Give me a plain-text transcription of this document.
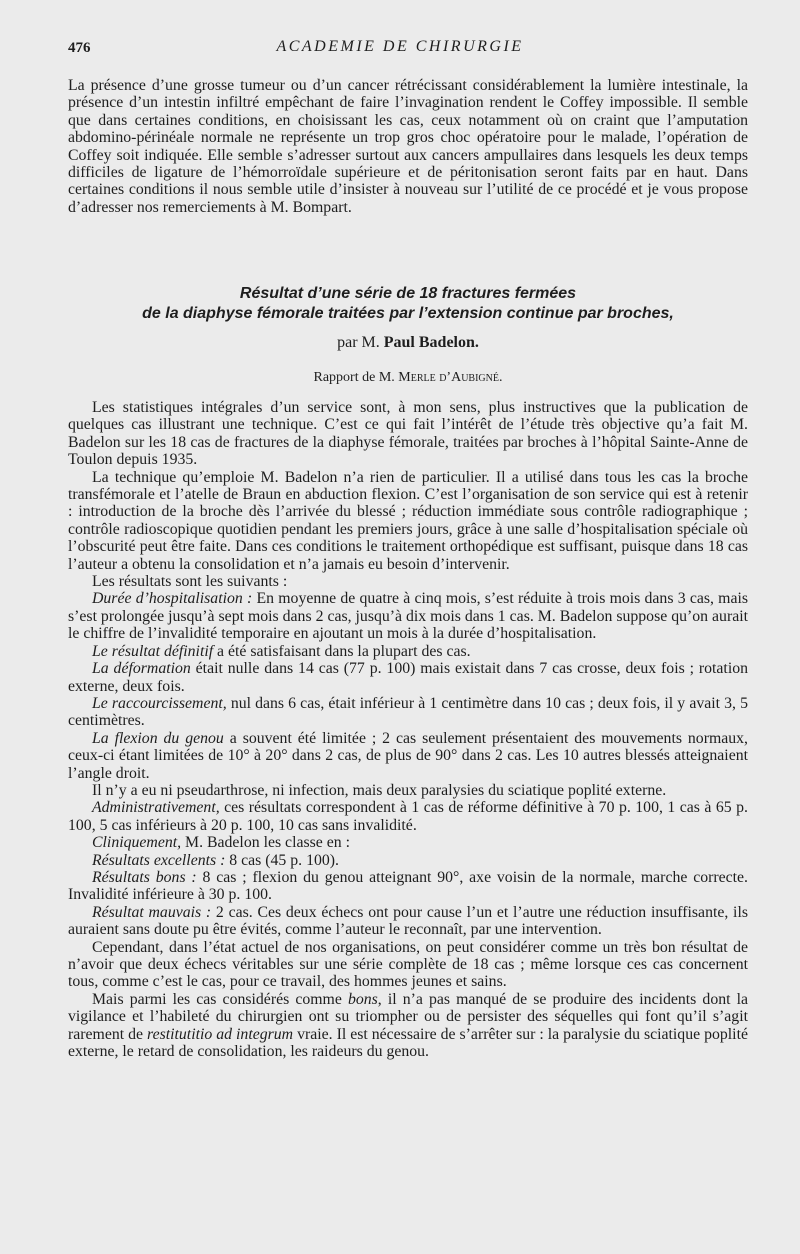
476	ACADEMIE DE CHIRURGIE

La présence d’une grosse tumeur ou d’un cancer rétrécissant considérablement la lumière intestinale, la présence d’un intestin infiltré empêchant de faire l’invagination rendent le Coffey impossible. Il semble que dans certaines conditions, en choisissant les cas, ceux notamment où on craint que l’amputation abdomino-périnéale normale ne représente un trop gros choc opératoire pour le malade, l’opération de Coffey soit indiquée. Elle semble s’adresser surtout aux cancers ampullaires dans lesquels les deux temps difficiles de ligature de l’hémorroïdale supérieure et de péritonisation seront faits par en haut. Dans certaines conditions il nous semble utile d’insister à nouveau sur l’utilité de ce procédé et je vous propose d’adresser nos remerciements à M. Bompart.

Résultat d’une série de 18 fractures fermées
de la diaphyse fémorale traitées par l’extension continue par broches,

par M. Paul Badelon.

Rapport de M. Merle d’Aubigné.

Les statistiques intégrales d’un service sont, à mon sens, plus instructives que la publication de quelques cas illustrant une technique. C’est ce qui fait l’intérêt de l’étude très objective qu’a fait M. Badelon sur les 18 cas de fractures de la diaphyse fémorale, traitées par broches à l’hôpital Sainte-Anne de Toulon depuis 1935.

La technique qu’emploie M. Badelon n’a rien de particulier. Il a utilisé dans tous les cas la broche transfémorale et l’atelle de Braun en abduction flexion. C’est l’organisation de son service qui est à retenir : introduction de la broche dès l’arrivée du blessé ; réduction immédiate sous contrôle radiographique ; contrôle radioscopique quotidien pendant les premiers jours, grâce à une salle d’hospitalisation spéciale où l’obscurité peut être faite. Dans ces conditions le traitement orthopédique est suffisant, puisque dans 18 cas l’auteur a obtenu la consolidation et n’a jamais eu besoin d’intervenir.

Les résultats sont les suivants :

Durée d’hospitalisation : En moyenne de quatre à cinq mois, s’est réduite à trois mois dans 3 cas, mais s’est prolongée jusqu’à sept mois dans 2 cas, jusqu’à dix mois dans 1 cas. M. Badelon suppose qu’on aurait le chiffre de l’invalidité temporaire en ajoutant un mois à la durée d’hospitalisation.

Le résultat définitif a été satisfaisant dans la plupart des cas.

La déformation était nulle dans 14 cas (77 p. 100) mais existait dans 7 cas crosse, deux fois ; rotation externe, deux fois.

Le raccourcissement, nul dans 6 cas, était inférieur à 1 centimètre dans 10 cas ; deux fois, il y avait 3, 5 centimètres.

La flexion du genou a souvent été limitée ; 2 cas seulement présentaient des mouvements normaux, ceux-ci étant limitées de 10° à 20° dans 2 cas, de plus de 90° dans 2 cas. Les 10 autres blessés atteignaient l’angle droit.

Il n’y a eu ni pseudarthrose, ni infection, mais deux paralysies du sciatique poplité externe.

Administrativement, ces résultats correspondent à 1 cas de réforme définitive à 70 p. 100, 1 cas à 65 p. 100, 5 cas inférieurs à 20 p. 100, 10 cas sans invalidité.

Cliniquement, M. Badelon les classe en :

Résultats excellents : 8 cas (45 p. 100).

Résultats bons : 8 cas ; flexion du genou atteignant 90°, axe voisin de la normale, marche correcte. Invalidité inférieure à 30 p. 100.

Résultat mauvais : 2 cas. Ces deux échecs ont pour cause l’un et l’autre une réduction insuffisante, ils auraient sans doute pu être évités, comme l’auteur le reconnaît, par une intervention.

Cependant, dans l’état actuel de nos organisations, on peut considérer comme un très bon résultat de n’avoir que deux échecs véritables sur une série complète de 18 cas ; même lorsque ces cas concernent tous, comme c’est le cas, pour ce travail, des hommes jeunes et sains.

Mais parmi les cas considérés comme bons, il n’a pas manqué de se produire des incidents dont la vigilance et l’habileté du chirurgien ont su triompher ou de persister des séquelles qui font qu’il s’agit rarement de restitutitio ad integrum vraie. Il est nécessaire de s’arrêter sur : la paralysie du sciatique poplité externe, le retard de consolidation, les raideurs du genou.
